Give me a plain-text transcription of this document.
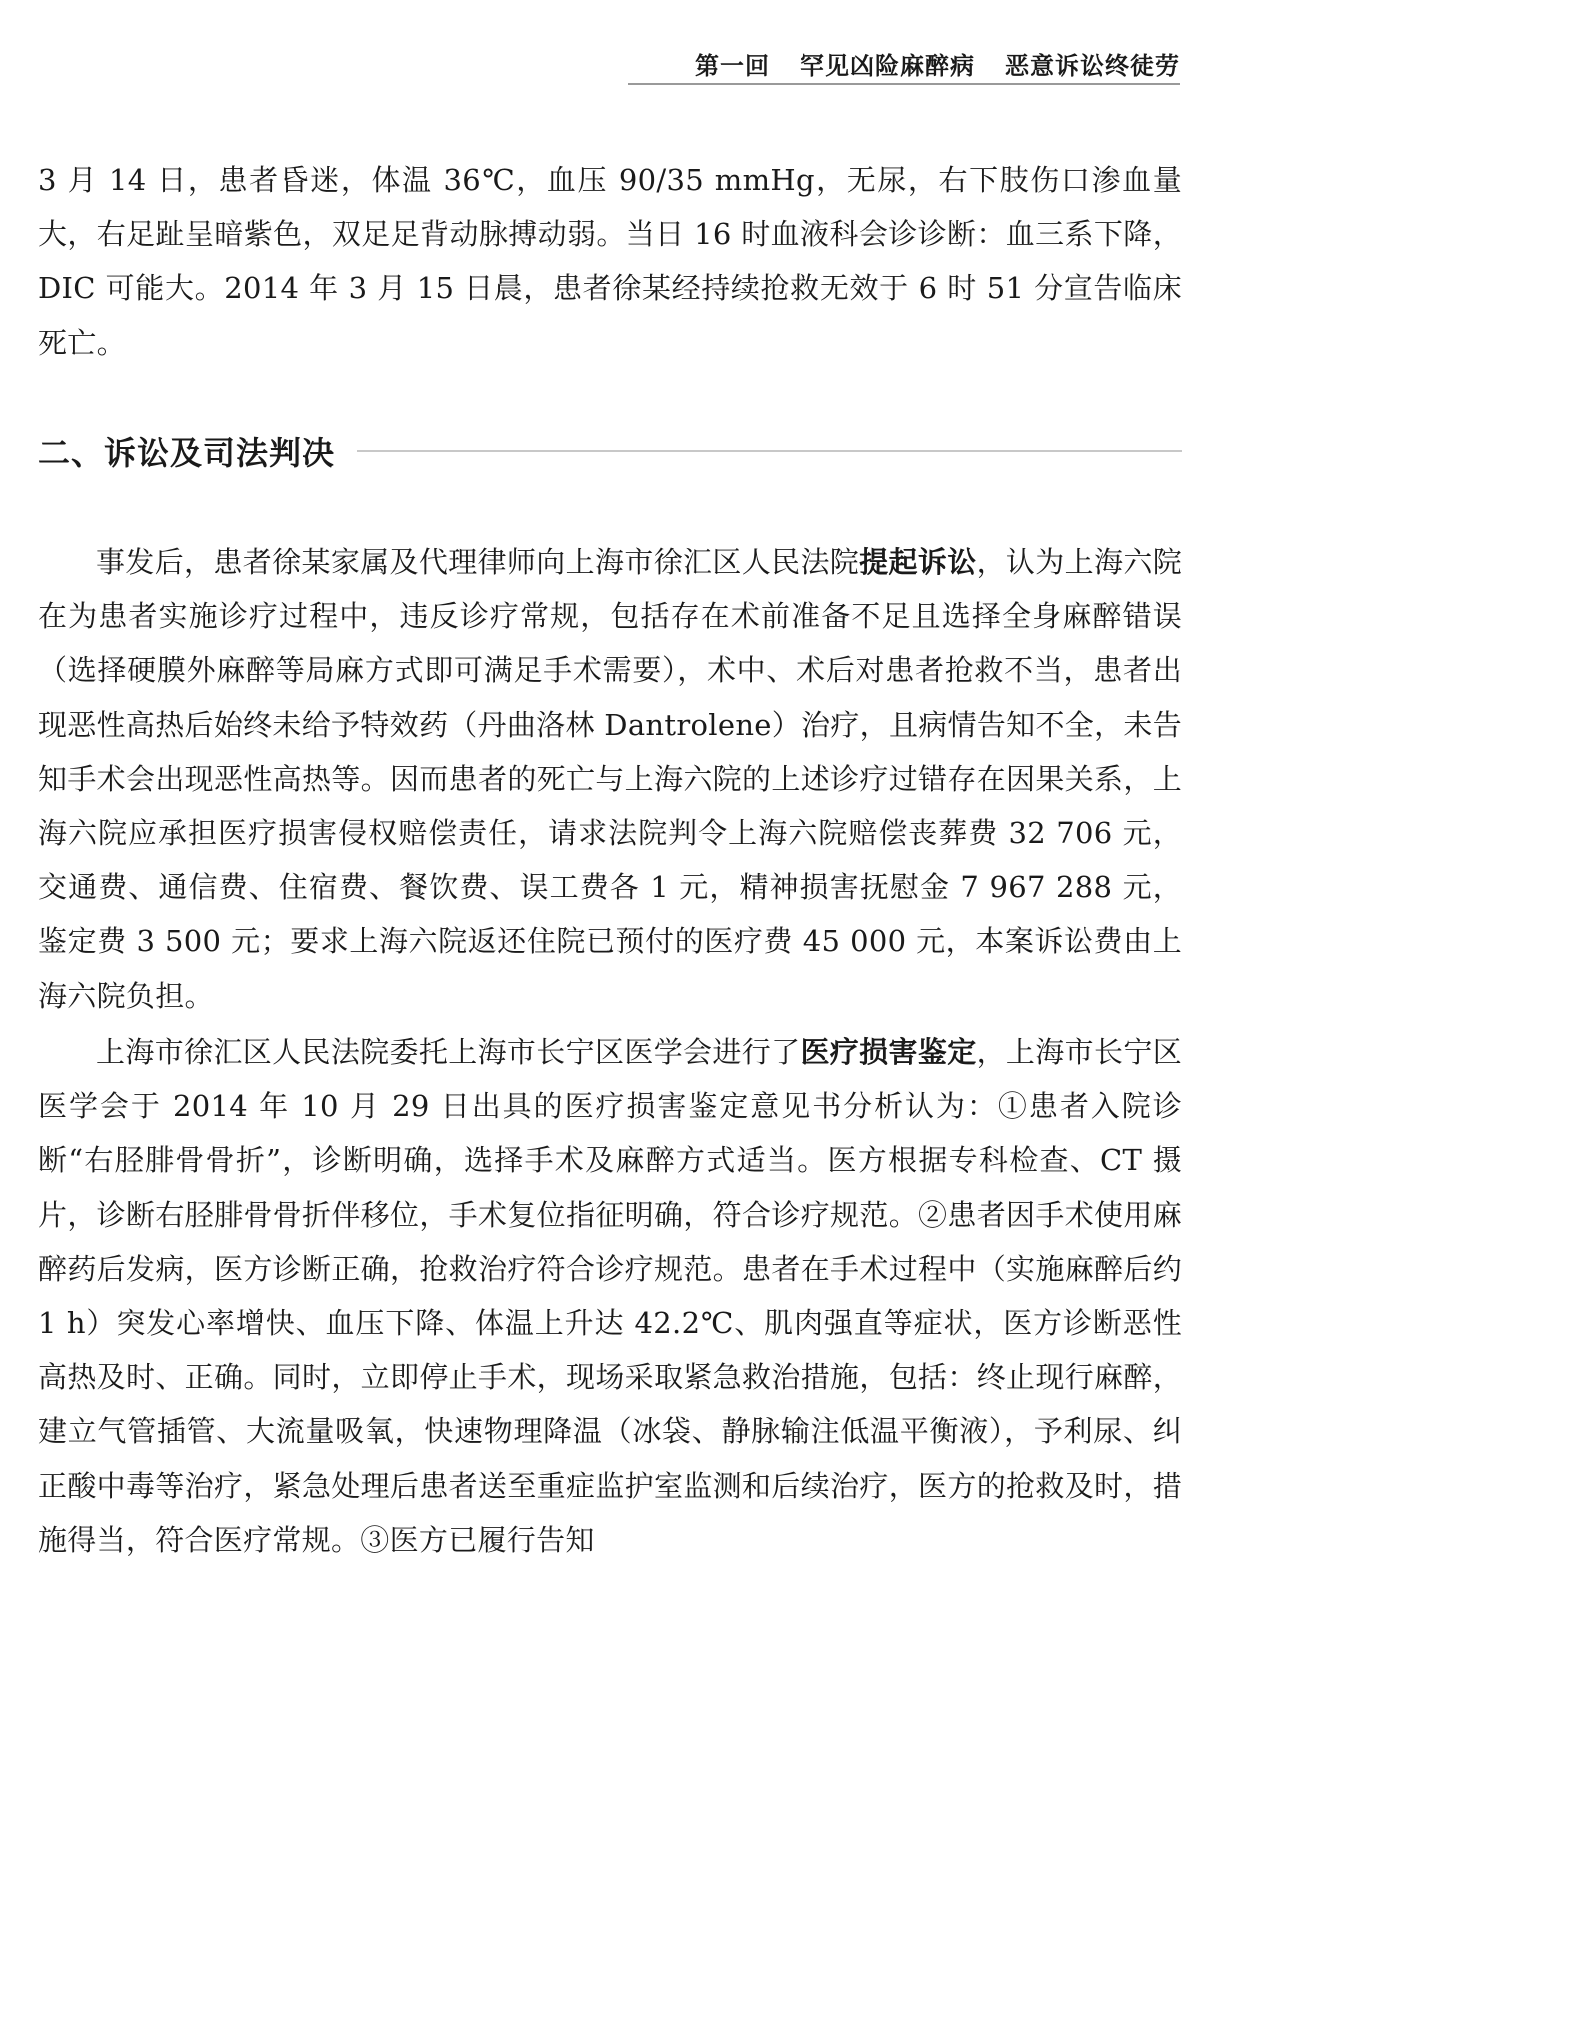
第一回 罕见凶险麻醉病 恶意诉讼终徒劳

3 月 14 日，患者昏迷，体温 36℃，血压 90/35 mmHg，无尿，右下肢伤口渗血量大，右足趾呈暗紫色，双足足背动脉搏动弱。当日 16 时血液科会诊诊断：血三系下降，DIC 可能大。2014 年 3 月 15 日晨，患者徐某经持续抢救无效于 6 时 51 分宣告临床死亡。

二、诉讼及司法判决

事发后，患者徐某家属及代理律师向上海市徐汇区人民法院提起诉讼，认为上海六院在为患者实施诊疗过程中，违反诊疗常规，包括存在术前准备不足且选择全身麻醉错误（选择硬膜外麻醉等局麻方式即可满足手术需要），术中、术后对患者抢救不当，患者出现恶性高热后始终未给予特效药（丹曲洛林 Dantrolene）治疗，且病情告知不全，未告知手术会出现恶性高热等。因而患者的死亡与上海六院的上述诊疗过错存在因果关系，上海六院应承担医疗损害侵权赔偿责任，请求法院判令上海六院赔偿丧葬费 32 706 元，交通费、通信费、住宿费、餐饮费、误工费各 1 元，精神损害抚慰金 7 967 288 元，鉴定费 3 500 元；要求上海六院返还住院已预付的医疗费 45 000 元，本案诉讼费由上海六院负担。

上海市徐汇区人民法院委托上海市长宁区医学会进行了医疗损害鉴定，上海市长宁区医学会于 2014 年 10 月 29 日出具的医疗损害鉴定意见书分析认为：①患者入院诊断“右胫腓骨骨折”，诊断明确，选择手术及麻醉方式适当。医方根据专科检查、CT 摄片，诊断右胫腓骨骨折伴移位，手术复位指征明确，符合诊疗规范。②患者因手术使用麻醉药后发病，医方诊断正确，抢救治疗符合诊疗规范。患者在手术过程中（实施麻醉后约 1 h）突发心率增快、血压下降、体温上升达 42.2℃、肌肉强直等症状，医方诊断恶性高热及时、正确。同时，立即停止手术，现场采取紧急救治措施，包括：终止现行麻醉，建立气管插管、大流量吸氧，快速物理降温（冰袋、静脉输注低温平衡液），予利尿、纠正酸中毒等治疗，紧急处理后患者送至重症监护室监测和后续治疗，医方的抢救及时，措施得当，符合医疗常规。③医方已履行告知
